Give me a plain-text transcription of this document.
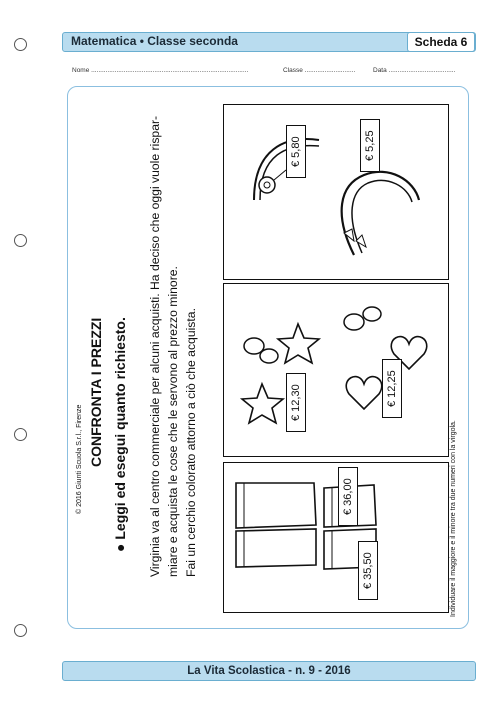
Matematica • Classe seconda	Scheda 6
Nome .......................................................................................	Classe ............................	Data .....................................
© 2016 Giunti Scuola S.r.l., Firenze CONFRONTA I PREZZI
● Leggi ed esegui quanto richiesto. Virginia va al centro commerciale per alcuni acquisti. Ha deciso che oggi vuole rispar- miare e acquista le cose che le servono al prezzo minore. Fai un cerchio colorato attorno a ciò che acquista.	Individuare il maggiore e il minore tra due numeri con la virgola.
€ 5,80	€ 5,25
€ 12,30	€ 12,25
€ 35,50
€ 36,00
La Vita Scolastica - n. 9 - 2016
